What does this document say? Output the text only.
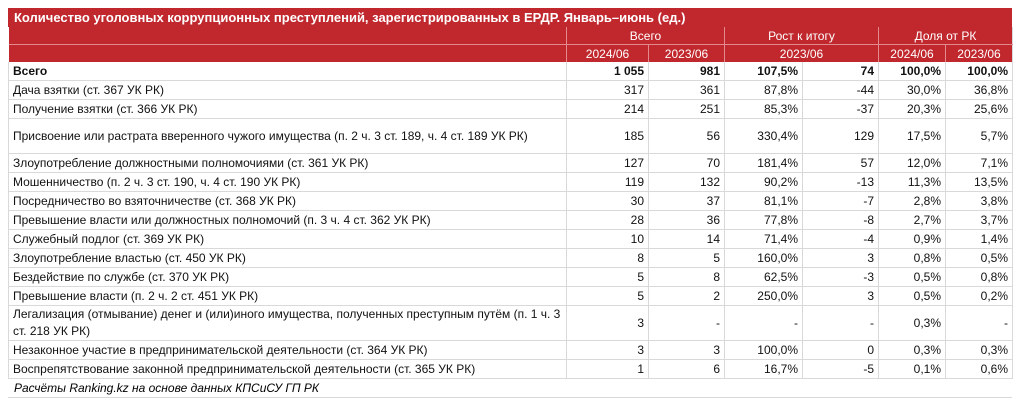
Количество уголовных коррупционных преступлений, зарегистрированных в ЕРДР. Январь–июнь (ед.)
	Всего		Рост к итогу		Доля от РК	
	2024/06	2023/06	2023/06		2024/06	2023/06
Всего	1 055	981	107,5%	74	100,0%	100,0%
Дача взятки (ст. 367 УК РК)	317	361	87,8%	-44	30,0%	36,8%
Получение взятки (ст. 366 УК РК)	214	251	85,3%	-37	20,3%	25,6%
Присвоение или растрата вверенного чужого имущества (п. 2 ч. 3 ст. 189, ч. 4 ст. 189 УК РК)	185	56	330,4%	129	17,5%	5,7%
Злоупотребление должностными полномочиями (ст. 361 УК РК)	127	70	181,4%	57	12,0%	7,1%
Мошенничество (п. 2 ч. 3 ст. 190, ч. 4 ст. 190 УК РК)	119	132	90,2%	-13	11,3%	13,5%
Посредничество во взяточничестве (ст. 368 УК РК)	30	37	81,1%	-7	2,8%	3,8%
Превышение власти или должностных полномочий (п. 3 ч. 4 ст. 362 УК РК)	28	36	77,8%	-8	2,7%	3,7%
Служебный подлог (ст. 369 УК РК)	10	14	71,4%	-4	0,9%	1,4%
Злоупотребление властью (ст. 450 УК РК)	8	5	160,0%	3	0,8%	0,5%
Бездействие по службе (ст. 370 УК РК)	5	8	62,5%	-3	0,5%	0,8%
Превышение власти (п. 2 ч. 2 ст. 451 УК РК)	5	2	250,0%	3	0,5%	0,2%
Легализация (отмывание) денег и (или)иного имущества, полученных преступным путём (п. 1 ч. 3 ст. 218 УК РК)	3	-	-	-	0,3%	-
Незаконное участие в предпринимательской деятельности (ст. 364 УК РК)	3	3	100,0%	0	0,3%	0,3%
Воспрепятствование законной предпринимательской деятельности (ст. 365 УК РК)	1	6	16,7%	-5	0,1%	0,6%
Расчёты Ranking.kz на основе данных КПСиСУ ГП РК
